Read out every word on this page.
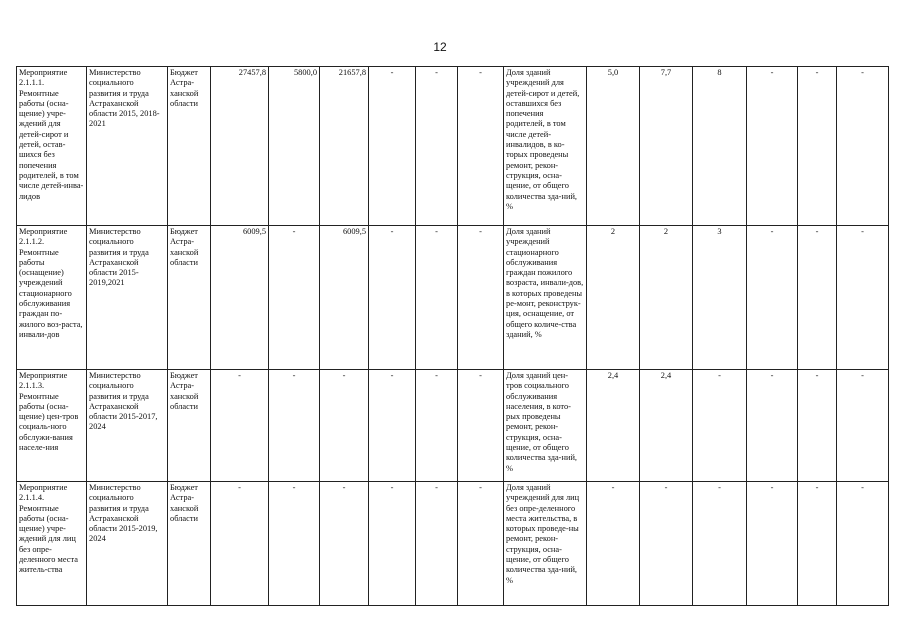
12
Мероприятие 2.1.1.1. Ремонтные работы (осна-щение) учре-ждений для детей-сирот и детей, остав-шихся без попечения родителей, в том числе детей-инва-лидов	Министерство социального развития и труда Астраханской области 2015, 2018-2021	Бюджет Астра-ханской области	27457,8	5800,0	21657,8	-	-	-	Доля зданий учреждений для детей-сирот и детей, оставшихся без попечения родителей, в том числе детей-инвалидов, в ко-торых проведены ремонт, рекон-струкция, осна-щение, от общего количества зда-ний, %	5,0	7,7	8	-	-	-
Мероприятие 2.1.1.2. Ремонтные работы (оснащение) учреждений стационарного обслуживания граждан по-жилого воз-раста, инвали-дов	Министерство социального развития и труда Астраханской области 2015-2019,2021	Бюджет Астра-ханской области	6009,5	-	6009,5	-	-	-	Доля зданий учреждений стационарного обслуживания граждан пожилого возраста, инвали-дов, в которых проведены ре-монт, реконструк-ция, оснащение, от общего количе-ства зданий, %	2	2	3	-	-	-
Мероприятие 2.1.1.3. Ремонтные работы (осна-щение) цен-тров социаль-ного обслужи-вания населе-ния	Министерство социального развития и труда Астраханской области 2015-2017, 2024	Бюджет Астра-ханской области	-	-	-	-	-	-	Доля зданий цен-тров социального обслуживания населения, в кото-рых проведены ремонт, рекон-струкция, осна-щение, от общего количества зда-ний, %	2,4	2,4	-	-	-	-
Мероприятие 2.1.1.4. Ремонтные работы (осна-щение) учре-ждений для лиц без опре-деленного места житель-ства	Министерство социального развития и труда Астраханской области 2015-2019, 2024	Бюджет Астра-ханской области	-	-	-	-	-	-	Доля зданий учреждений для лиц без опре-деленного места жительства, в которых проведе-ны ремонт, рекон-струкция, осна-щение, от общего количества зда-ний, %	-	-	-	-	-	-
